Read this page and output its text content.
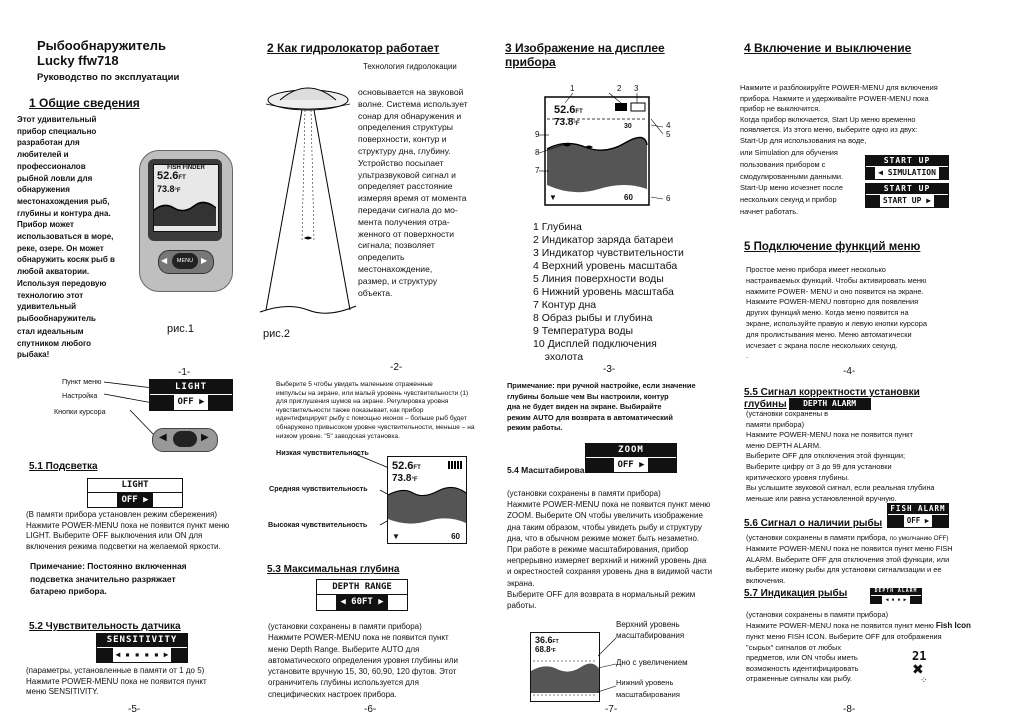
Рыбообнаружитель
Lucky ffw718
Руководство по эксплуатации
1 Общие сведения
Этот удивительный
прибор специально
разработан для
любителей и
профессионалов
рыбной ловли для
обнаружения
местонахождения рыб,
глубины и контура дна.
Прибор может
использоваться в море,
реке, озере. Он может
обнаружить косяк рыб в
любой акватории.
Используя передовую
технологию этот
удивительный
рыбообнаружитель
стал идеальным
спутником любого
рыбака!
FISH FINDER
52.6FT
73.8°F
MENU
◀	▶
рис.1
-1-
Пункт меню
Настройка
Кнопки курсора
LIGHT
OFF ▶
◀	▶
5.1 Подсветка
LIGHT
OFF ▶
(В памяти прибора установлен режим сбережения)
Нажмите POWER-MENU пока не появится пункт меню
LIGHT. Выберите OFF выключения или ON для
включения режима подсветки на желаемой яркости.
Примечание: Постоянно включенная
подсветка значительно разряжает
батарею прибора.
5.2 Чувствительность датчика
SENSITIVITY
◀ ▪ ▪ ▪ ▪ ▶
(параметры, установленные в памяти от 1 до 5)
Нажмите POWER-MENU пока не появится пункт
меню SENSITIVITY.
-5-
2 Как гидролокатор работает
Технология гидролокации
основывается на звуковой
волне. Система использует
сонар для обнаружения и
определения структуры
поверхности, контур и
структуру дна, глубину.
Устройство посылает
ультразвуковой сигнал и
определяет расстояние
измеряя время от момента
передачи сигнала до мо-
мента получения отра-
женного от поверхности
сигнала; позволяет
определить
местонахождение,
размер, и структуру
объекта.
рис.2
-2-
Выберите 5 чтобы увидеть маленькие отраженные
импульсы на экране, или малый уровень чувствительности (1)
для приглушения шумов на экране. Регулировка уровня
чувствительности также показывает, как прибор
идентифицирует рыбу с помощью иконок – больше рыб будет
обнаружено привысоком уровне чувствительности, меньше – на
низком уровне. "5" заводская установка.
Низкая чувствительность
Средняя чувствительность
Высокая чувствительность
52.6FT
73.8°F
▼	60
5.3 Максимальная глубина
DEPTH RANGE
◀ 60FT ▶
(установки сохранены в памяти прибора)
Нажмите POWER-MENU пока не появится пункт
меню Depth Range. Выберите AUTO для
автоматического определения уровня глубины или
установите вручную 15, 30, 60,90, 120 футов. Этот
ограничитель глубины используется для
специфических настроек прибора.
-6-
3 Изображение на дисплее
прибора
52.6FT
73.8°F	30
60
▼
1	2 3
4
5
6
7
8
9
1 Глубина
2 Индикатор заряда батареи
3 Индикатор чувствительности
4 Верхний уровень масштаба
5 Линия поверхности воды
6 Нижний уровень масштаба
7 Контур дна
8 Образ рыбы и глубина
9 Температура воды
10 Дисплей подключения
эхолота
-3-
Примечание: при ручной настройке, если значение
глубины больше чем Вы настроили, контур
дна не будет виден на экране. Выбирайте
режим AUTO для возврата в автоматический
режим работы.
ZOOM
OFF ▶
5.4 Масштабирование
(установки сохранены в памяти прибора)
Нажмите POWER-MENU пока не появится пункт меню
ZOOM. Выберите ON чтобы увеличить изображение
дна таким образом, чтобы увидеть рыбу и структуру
дна, что в обычном режиме может быть незаметно.
При работе в режиме масштабирования, прибор
непрерывно измеряет верхний и нижний уровень дна
и окрестностей сохраняя уровень дна в видимой части
экрана.
Выберите OFF для возврата в нормальный режим
работы.
36.6FT
68.8°F
Верхний уровень
масштабирования
Дно с увеличением
Нижний уровень
масштабирования
-7-
4 Включение и выключение
Нажмите и разблокируйте POWER-MENU для включения
прибора. Нажмите и удерживайте POWER-MENU пока
прибор не выключится.
Когда прибор включается, Start Up меню временно
появляется. Из этого меню, выберите одно из двух:
Start-Up для использования на воде,
или Simulation для обучения
пользования прибором с
смодулированными данными.
Start-Up меню исчезнет после
нескольких секунд и прибор
начнет работать.
START UP
◀ SIMULATION
START UP
START UP ▶
5 Подключение функций меню
Простое меню прибора имеет несколько
настраиваемых функций. Чтобы активировать меню
нажмите POWER- MENU и оно появится на экране.
Нажмите POWER-MENU повторно для появления
других функций меню. Когда меню появится на
экране, используйте правую и левую кнопки курсора
для пролистывания меню. Меню автоматически
исчезает с экрана после нескольких секунд.
.
-4-
5.5 Сигнал корректности установки
глубины	DEPTH ALARM
(установки сохранены в
памяти прибора)
Нажмите POWER-MENU пока не появится пункт
меню DEPTH ALARM.
Выберите OFF для отключения этой функции;
Выберите цифру от 3 до 99 для установки
критического уровня глубины.
Вы услышите звуковой сигнал, если реальная глубина
меньше или равна установленной вручную.
5.6 Сигнал о наличии рыбы
FISH ALARM
OFF ▶
(установки сохранены в памяти прибора, по умолчанию OFF)
Нажмите POWER-MENU пока не появится пункт меню FISH
ALARM. Выберите OFF для отключения этой функции, или
выберите иконку рыбы для установки сигнализации и ее
включения.
5.7 Индикация рыбы	DEPTH ALARM
◀ ▪ ▪ ▶
(установки сохранены в памяти прибора)
Нажмите POWER-MENU пока не появится пункт меню Fish Icon
пункт меню FISH ICON. Выберите OFF для отображения
"сырых" сигналов от любых
предметов, или ON чтобы иметь
возможность идентифицировать
отраженные сигналы как рыбу.
21
✖
⁘
-8-
